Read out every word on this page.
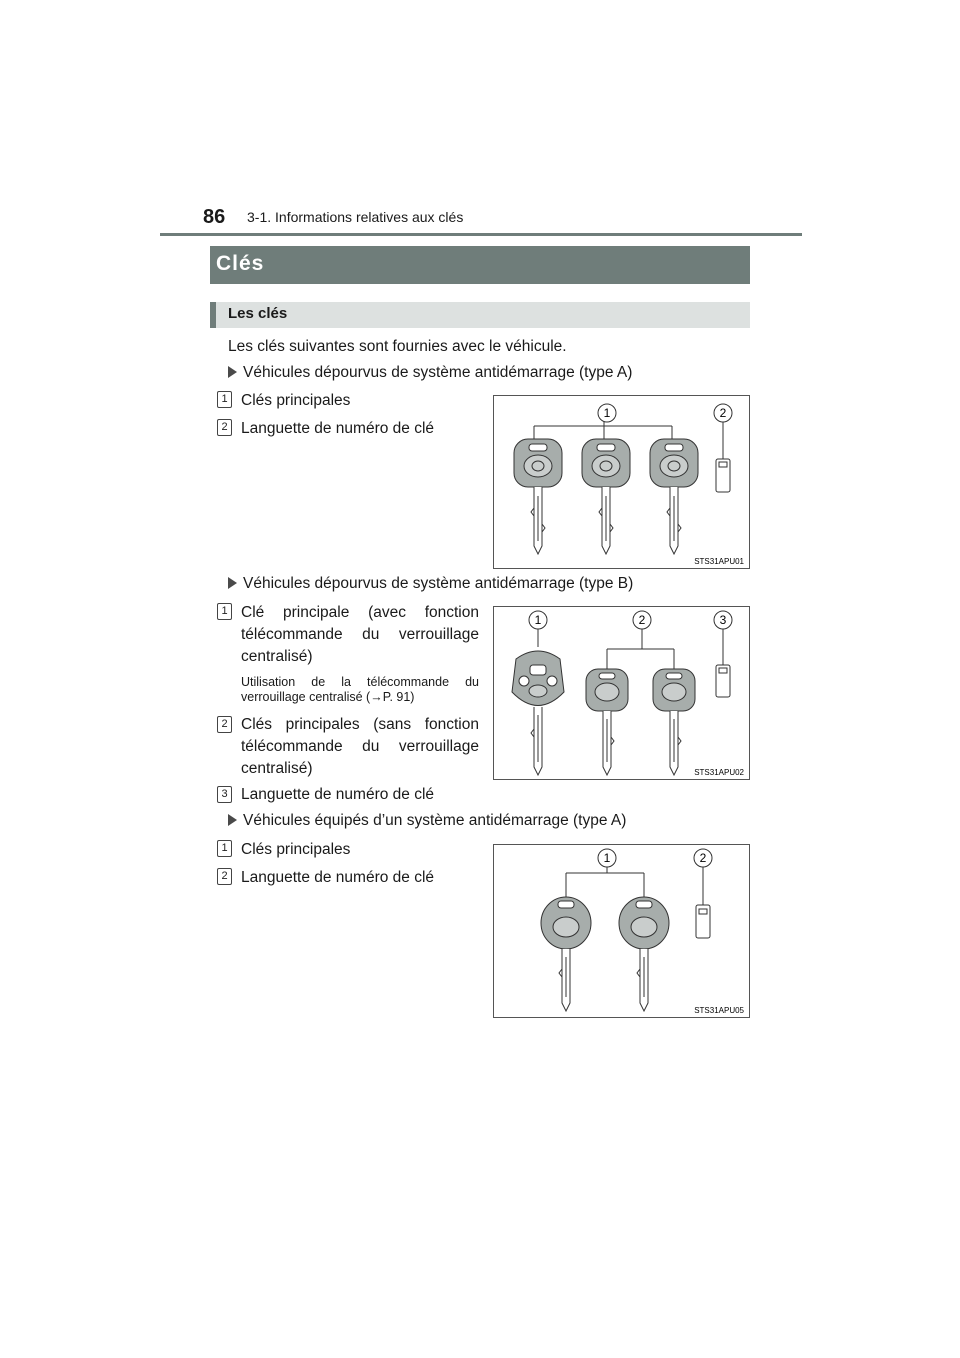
86 3-1. Informations relatives aux clés
Clés
Les clés
Les clés suivantes sont fournies avec le véhicule.
Véhicules dépourvus de système antidémarrage (type A)
1 Clés principales
2 Languette de numéro de clé
1	2
STS31APU01
Véhicules dépourvus de système antidémarrage (type B)
1 Clé principale (avec fonction télécommande du verrouillage centralisé)
Utilisation de la télécommande du verrouillage centralisé (→P. 91)
2 Clés principales (sans fonction télécommande du verrouillage centralisé)
3 Languette de numéro de clé
1	2	3
STS31APU02
Véhicules équipés d’un système antidémarrage (type A)
1 Clés principales
2 Languette de numéro de clé
1	2
STS31APU05
